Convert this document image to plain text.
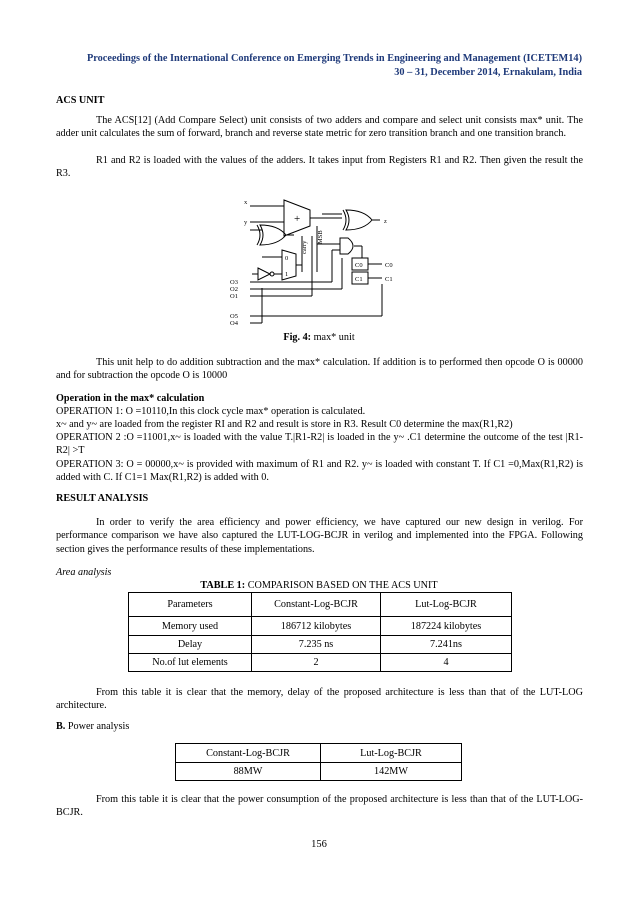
Proceedings of the International Conference on Emerging Trends in Engineering and Management (ICETEM14)
30 – 31, December 2014, Ernakulam, India
ACS UNIT
The ACS[12] (Add Compare Select) unit consists of two adders and compare and select unit consists max* unit. The adder unit calculates the sum of forward, branch and reverse state metric for zero transition branch and one transition branch.
R1 and R2 is loaded with the values of the adders. It takes input from Registers R1 and R2. Then given the result the R3.
x
y	z
+
carry
MSB
0
1
C0
C1
C0
C1
O3
O2
O1
O5
O4
Fig. 4: max* unit
This unit help to do addition subtraction and the max* calculation. If addition is to performed then opcode O is 00000 and for subtraction the opcode O is 10000
Operation in the max* calculation
OPERATION 1: O =10110,In this clock cycle max* operation is calculated.
x~ and y~ are loaded from the register RI and R2 and result is store in R3. Result C0 determine the max(R1,R2)
OPERATION 2 :O =11001,x~ is loaded with the value T.|R1-R2| is loaded in the y~ .C1 determine the outcome of the test |R1-R2| >T
OPERATION 3: O = 00000,x~ is provided with maximum of R1 and R2. y~ is loaded with constant T. If C1 =0,Max(R1,R2) is added with C. If C1=1 Max(R1,R2) is added with 0.
RESULT ANALYSIS
In order to verify the area efficiency and power efficiency, we have captured our new design in verilog. For performance comparison we have also captured the LUT-LOG-BCJR in verilog and implemented into the FPGA. Following section gives the performance results of these implementations.
Area analysis
TABLE 1: COMPARISON BASED ON THE ACS UNIT
Parameters	Constant-Log-BCJR	Lut-Log-BCJR
Memory used	186712 kilobytes	187224 kilobytes
Delay	7.235 ns	7.241ns
No.of lut elements	2	4
From this table it is clear that the memory, delay of the proposed architecture is less than that of the LUT-LOG architecture.
B. Power analysis
Constant-Log-BCJR	Lut-Log-BCJR
88MW	142MW
From this table it is clear that the power consumption of the proposed architecture is less than that of the LUT-LOG-BCJR.
156
